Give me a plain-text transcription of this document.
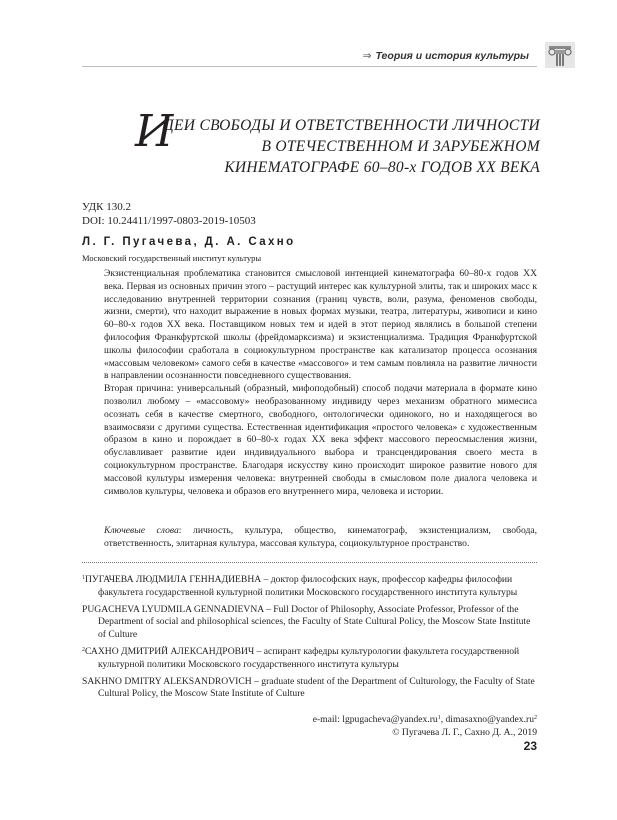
⇒ Теория и история культуры
И
ДЕИ СВОБОДЫ И ОТВЕТСТВЕННОСТИ ЛИЧНОСТИ
В ОТЕЧЕСТВЕННОМ И ЗАРУБЕЖНОМ
КИНЕМАТОГРАФЕ 60–80-х ГОДОВ XX ВЕКА
УДК 130.2
DOI: 10.24411/1997-0803-2019-10503
Л. Г. Пугачева, Д. А. Сахно
Московский государственный институт культуры

Экзистенциальная проблематика становится смысловой интенцией кинематографа 60–80-х годов XX века. Первая из основных причин этого – растущий интерес как культурной элиты, так и широких масс к исследованию внутренней территории сознания (границ чувств, воли, разума, феноменов свободы, жизни, смерти), что находит выражение в новых формах музыки, театра, литературы, живописи и кино 60–80-х годов XX века. Поставщиком новых тем и идей в этот период являлись в большой степени философия Франкфуртской школы (фрейдомарксизма) и экзистенциализма. Традиция Франкфуртской школы философии сработала в социокультурном пространстве как катализатор процесса осознания «массовым человеком» самого себя в качестве «массового» и тем самым повлияла на развитие личности в направлении осознанности повседневного существования.

Вторая причина: универсальный (образный, мифоподобный) способ подачи материала в формате кино позволил любому – «массовому» необразованному индивиду через механизм обратного мимесиса осознать себя в качестве смертного, свободного, онтологически одинокого, но и находящегося во взаимосвязи с другими существа. Естественная идентификация «простого человека» с художественным образом в кино и порождает в 60–80-х годах XX века эффект массового переосмысления жизни, обуславливает развитие идеи индивидуального выбора и трансцендирования своего места в социокультурном пространстве. Благодаря искусству кино происходит широкое развитие нового для массовой культуры измерения человека: внутренней свободы в смысловом поле диалога человека и символов культуры, человека и образов его внутреннего мира, человека и истории.

Ключевые слова: личность, культура, общество, кинематограф, экзистенциализм, свобода, ответственность, элитарная культура, массовая культура, социокультурное пространство.

$^1$ПУГАЧЕВА ЛЮДМИЛА ГЕННАДИЕВНА – доктор философских наук, профессор кафедры философии факультета государственной культурной политики Московского государственного института культуры

PUGACHEVA LYUDMILA GENNADIEVNA – Full Doctor of Philosophy, Associate Professor, Professor of the Department of social and philosophical sciences, the Faculty of State Cultural Policy, the Moscow State Institute of Culture

$^2$САХНО ДМИТРИЙ АЛЕКСАНДРОВИЧ – аспирант кафедры культурологии факультета государственной культурной политики Московского государственного института культуры

SAKHNO DMITRY ALEKSANDROVICH – graduate student of the Department of Culturology, the Faculty of State Cultural Policy, the Moscow State Institute of Culture

e-mail: $lgpugacheva@yandex.ru^1$, $dimasaxno@yandex.ru^2$
© Пугачева Л. Г., Сахно Д. А., 2019
23
